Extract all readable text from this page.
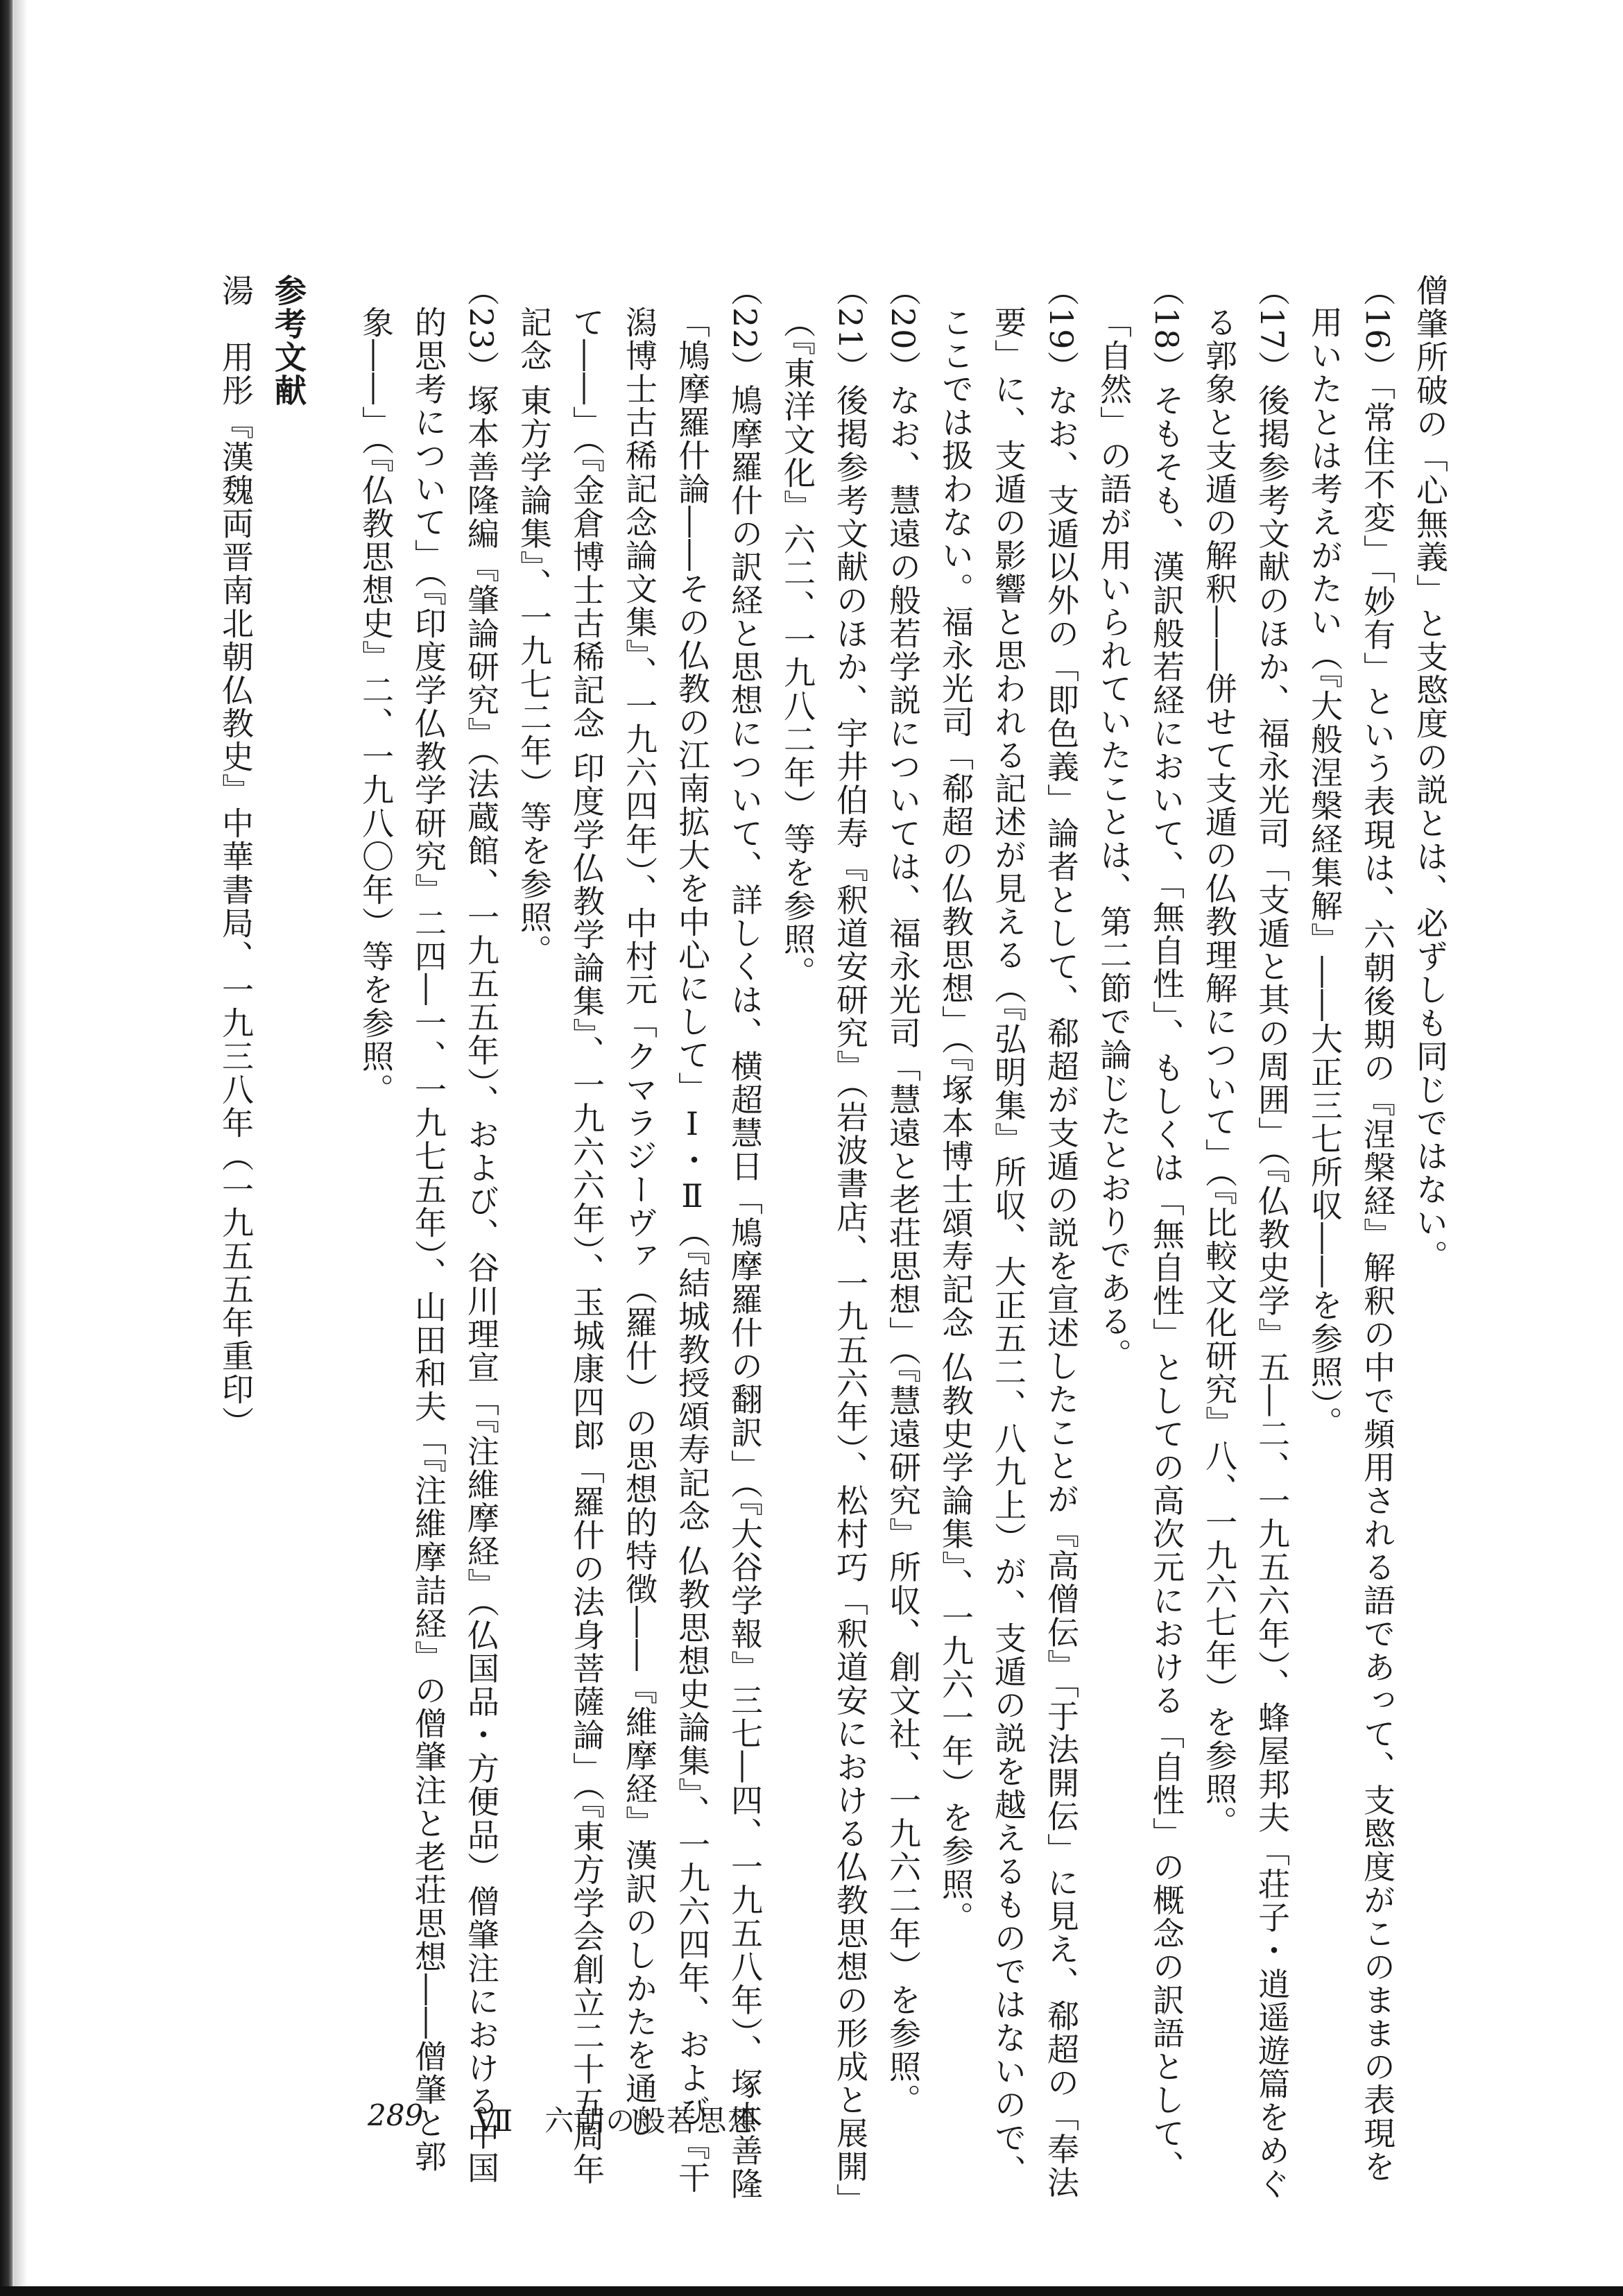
僧肇所破の「心無義」と支愍度の説とは、必ずしも同じではない。
（16）「常住不変」「妙有」という表現は、六朝後期の『涅槃経』解釈の中で頻用される語であって、支愍度がこのままの表現を
用いたとは考えがたい（『大般涅槃経集解』――大正三七所収――を参照）。
（17）後掲参考文献のほか、福永光司「支遁と其の周囲」（『仏教史学』五―二、一九五六年）、蜂屋邦夫「荘子・逍遥遊篇をめぐ
る郭象と支遁の解釈――併せて支遁の仏教理解について」（『比較文化研究』八、一九六七年）を参照。
（18）そもそも、漢訳般若経において、「無自性」、もしくは「無自性」としての高次元における「自性」の概念の訳語として、
「自然」の語が用いられていたことは、第二節で論じたとおりである。
（19）なお、支遁以外の「即色義」論者として、郗超が支遁の説を宣述したことが『高僧伝』「于法開伝」に見え、郗超の「奉法
要」に、支遁の影響と思われる記述が見える（『弘明集』所収、大正五二、八九上）が、支遁の説を越えるものではないので、
ここでは扱わない。福永光司「郗超の仏教思想」（『塚本博士頌寿記念 仏教史学論集』、一九六一年）を参照。
（20）なお、慧遠の般若学説については、福永光司「慧遠と老荘思想」（『慧遠研究』所収、創文社、一九六二年）を参照。
（21）後掲参考文献のほか、宇井伯寿『釈道安研究』（岩波書店、一九五六年）、松村巧「釈道安における仏教思想の形成と展開」
（『東洋文化』六二、一九八二年）等を参照。
（22）鳩摩羅什の訳経と思想について、詳しくは、横超慧日「鳩摩羅什の翻訳」（『大谷学報』三七―四、一九五八年）、塚本善隆
「鳩摩羅什論――その仏教の江南拡大を中心にして」Ⅰ・Ⅱ（『結城教授頌寿記念 仏教思想史論集』、一九六四年、および『干
潟博士古稀記念論文集』、一九六四年）、中村元「クマラジーヴァ（羅什）の思想的特徴――『維摩経』漢訳のしかたを通じ
て――」（『金倉博士古稀記念 印度学仏教学論集』、一九六六年）、玉城康四郎「羅什の法身菩薩論」（『東方学会創立二十五周年
記念 東方学論集』、一九七二年）等を参照。
（23）塚本善隆編『肇論研究』（法蔵館、一九五五年）、および、谷川理宣「『注維摩経』（仏国品・方便品）僧肇注における中国
的思考について」（『印度学仏教学研究』二四―一、一九七五年）、山田和夫「『注維摩詰経』の僧肇注と老荘思想――僧肇と郭
象――」（『仏教思想史』二、一九八〇年）等を参照。
参考文献
湯　用彤『漢魏両晋南北朝仏教史』中華書局、一九三八年（一九五五年重印）
289 Ⅶ　六朝の般若思想
